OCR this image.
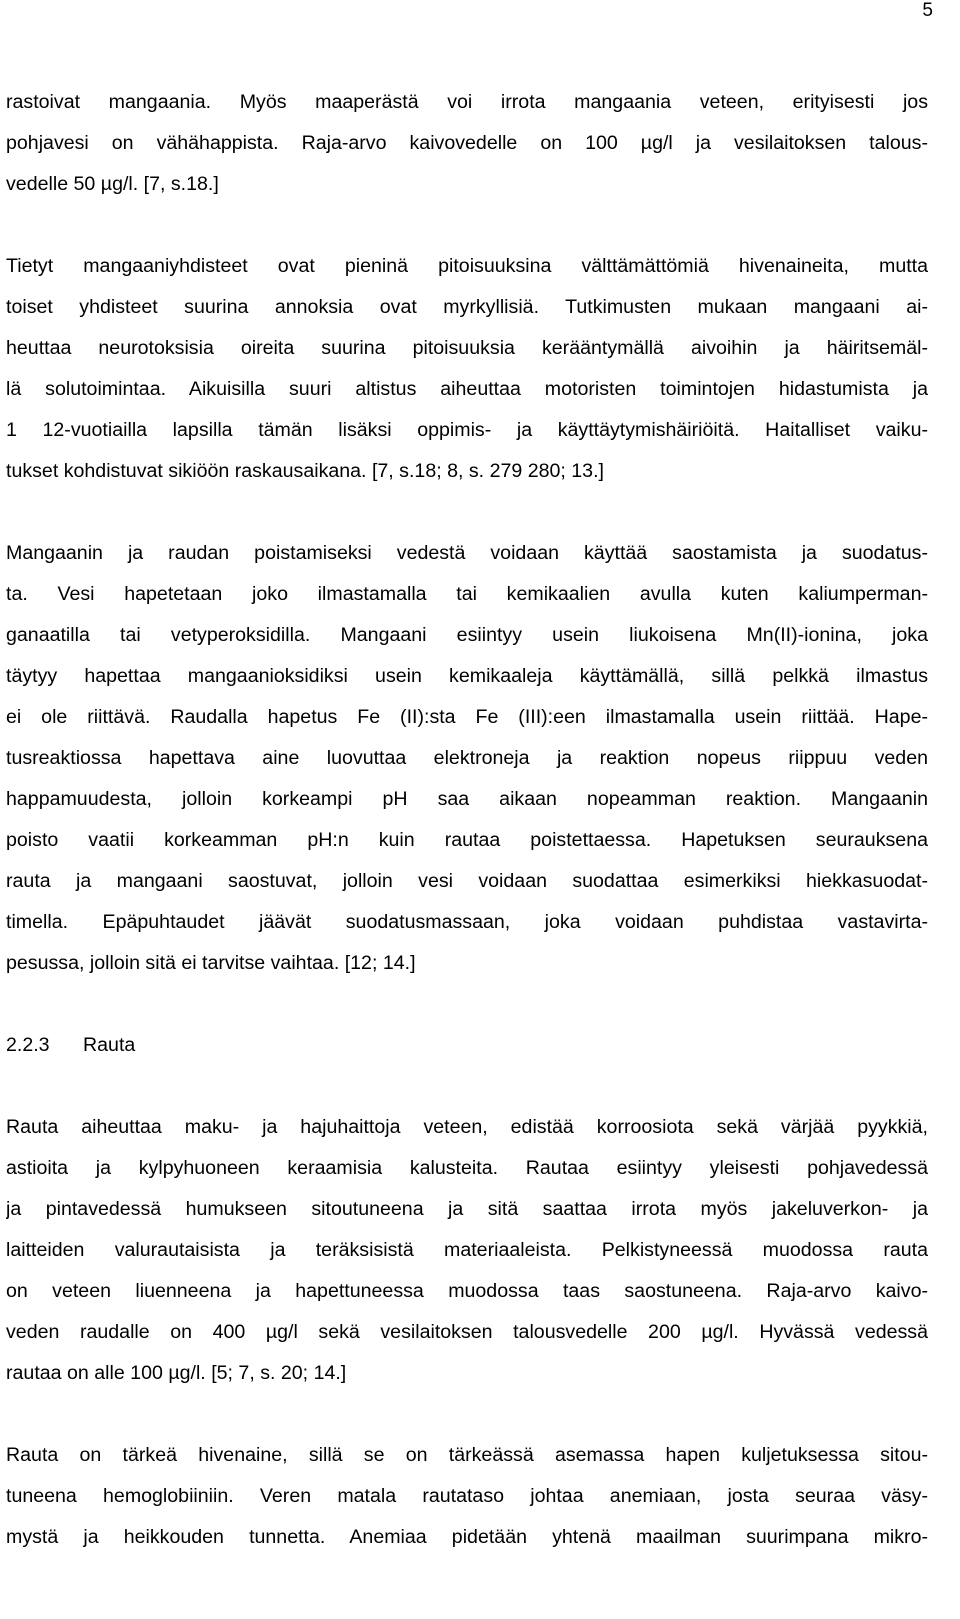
5
rastoivat mangaania. Myös maaperästä voi irrota mangaania veteen, erityisesti jos
pohjavesi on vähähappista. Raja-arvo kaivovedelle on 100 µg/l ja vesilaitoksen talous-
vedelle 50 µg/l. [7, s.18.]
Tietyt mangaaniyhdisteet ovat pieninä pitoisuuksina välttämättömiä hivenaineita, mutta
toiset yhdisteet suurina annoksia ovat myrkyllisiä. Tutkimusten mukaan mangaani ai-
heuttaa neurotoksisia oireita suurina pitoisuuksia kerääntymällä aivoihin ja häiritsemäl-
lä solutoimintaa. Aikuisilla suuri altistus aiheuttaa motoristen toimintojen hidastumista ja
1 12-vuotiailla lapsilla tämän lisäksi oppimis- ja käyttäytymishäiriöitä. Haitalliset vaiku-
tukset kohdistuvat sikiöön raskausaikana. [7, s.18; 8, s. 279 280; 13.]
Mangaanin ja raudan poistamiseksi vedestä voidaan käyttää saostamista ja suodatus-
ta. Vesi hapetetaan joko ilmastamalla tai kemikaalien avulla kuten kaliumperman-
ganaatilla tai vetyperoksidilla. Mangaani esiintyy usein liukoisena Mn(II)-ionina, joka
täytyy hapettaa mangaanioksidiksi usein kemikaaleja käyttämällä, sillä pelkkä ilmastus
ei ole riittävä. Raudalla hapetus Fe (II):sta Fe (III):een ilmastamalla usein riittää. Hape-
tusreaktiossa hapettava aine luovuttaa elektroneja ja reaktion nopeus riippuu veden
happamuudesta, jolloin korkeampi pH saa aikaan nopeamman reaktion. Mangaanin
poisto vaatii korkeamman pH:n kuin rautaa poistettaessa. Hapetuksen seurauksena
rauta ja mangaani saostuvat, jolloin vesi voidaan suodattaa esimerkiksi hiekkasuodat-
timella. Epäpuhtaudet jäävät suodatusmassaan, joka voidaan puhdistaa vastavirta-
pesussa, jolloin sitä ei tarvitse vaihtaa. [12; 14.]
2.2.3	Rauta
Rauta aiheuttaa maku- ja hajuhaittoja veteen, edistää korroosiota sekä värjää pyykkiä,
astioita ja kylpyhuoneen keraamisia kalusteita. Rautaa esiintyy yleisesti pohjavedessä
ja pintavedessä humukseen sitoutuneena ja sitä saattaa irrota myös jakeluverkon- ja
laitteiden valurautaisista ja teräksisistä materiaaleista. Pelkistyneessä muodossa rauta
on veteen liuenneena ja hapettuneessa muodossa taas saostuneena. Raja-arvo kaivo-
veden raudalle on 400 µg/l sekä vesilaitoksen talousvedelle 200 µg/l. Hyvässä vedessä
rautaa on alle 100 µg/l. [5; 7, s. 20; 14.]
Rauta on tärkeä hivenaine, sillä se on tärkeässä asemassa hapen kuljetuksessa sitou-
tuneena hemoglobiiniin. Veren matala rautataso johtaa anemiaan, josta seuraa väsy-
mystä ja heikkouden tunnetta. Anemiaa pidetään yhtenä maailman suurimpana mikro-
